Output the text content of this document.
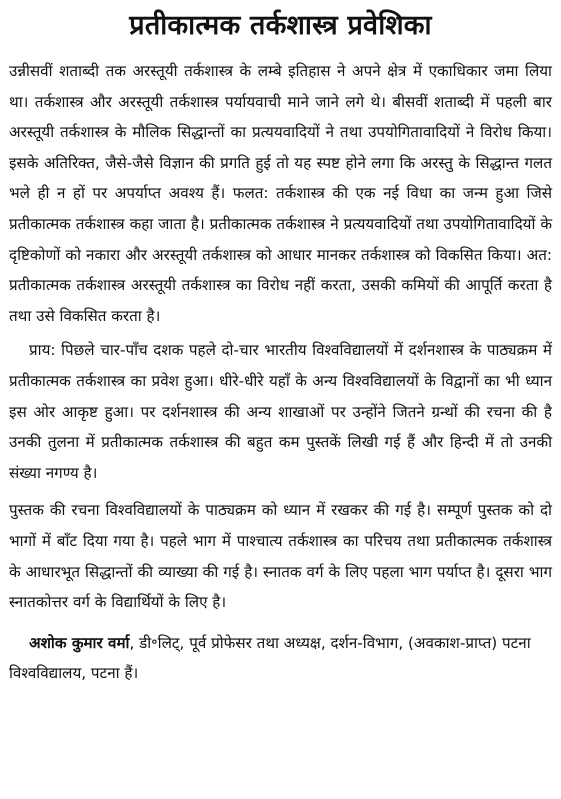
प्रतीकात्मक तर्कशास्त्र प्रवेशिका

उन्नीसवीं शताब्दी तक अरस्तूयी तर्कशास्त्र के लम्बे इतिहास ने अपने क्षेत्र में एकाधिकार जमा लिया था। तर्कशास्त्र और अरस्तूयी तर्कशास्त्र पर्यायवाची माने जाने लगे थे। बीसवीं शताब्दी में पहली बार अरस्तूयी तर्कशास्त्र के मौलिक सिद्धान्तों का प्रत्ययवादियों ने तथा उपयोगितावादियों ने विरोध किया। इसके अतिरिक्त, जैसे-जैसे विज्ञान की प्रगति हुई तो यह स्पष्ट होने लगा कि अरस्तु के सिद्धान्त गलत भले ही न हों पर अपर्याप्त अवश्य हैं। फलत: तर्कशास्त्र की एक नई विधा का जन्म हुआ जिसे प्रतीकात्मक तर्कशास्त्र कहा जाता है। प्रतीकात्मक तर्कशास्त्र ने प्रत्ययवादियों तथा उपयोगितावादियों के दृष्टिकोणों को नकारा और अरस्तूयी तर्कशास्त्र को आधार मानकर तर्कशास्त्र को विकसित किया। अत: प्रतीकात्मक तर्कशास्त्र अरस्तूयी तर्कशास्त्र का विरोध नहीं करता, उसकी कमियों की आपूर्ति करता है तथा उसे विकसित करता है।

प्राय: पिछले चार-पाँच दशक पहले दो-चार भारतीय विश्वविद्यालयों में दर्शनशास्त्र के पाठ्यक्रम में प्रतीकात्मक तर्कशास्त्र का प्रवेश हुआ। धीरे-धीरे यहाँ के अन्य विश्वविद्यालयों के विद्वानों का भी ध्यान इस ओर आकृष्ट हुआ। पर दर्शनशास्त्र की अन्य शाखाओं पर उन्होंने जितने ग्रन्थों की रचना की है उनकी तुलना में प्रतीकात्मक तर्कशास्त्र की बहुत कम पुस्तकें लिखी गई हैं और हिन्दी में तो उनकी संख्या नगण्य है।

पुस्तक की रचना विश्वविद्यालयों के पाठ्यक्रम को ध्यान में रखकर की गई है। सम्पूर्ण पुस्तक को दो भागों में बाँट दिया गया है। पहले भाग में पाश्चात्य तर्कशास्त्र का परिचय तथा प्रतीकात्मक तर्कशास्त्र के आधारभूत सिद्धान्तों की व्याख्या की गई है। स्नातक वर्ग के लिए पहला भाग पर्याप्त है। दूसरा भाग स्नातकोत्तर वर्ग के विद्यार्थियों के लिए है।

अशोक कुमार वर्मा, डी॰लिट्, पूर्व प्रोफेसर तथा अध्यक्ष, दर्शन-विभाग, (अवकाश-प्राप्त) पटना विश्वविद्यालय, पटना हैं।
